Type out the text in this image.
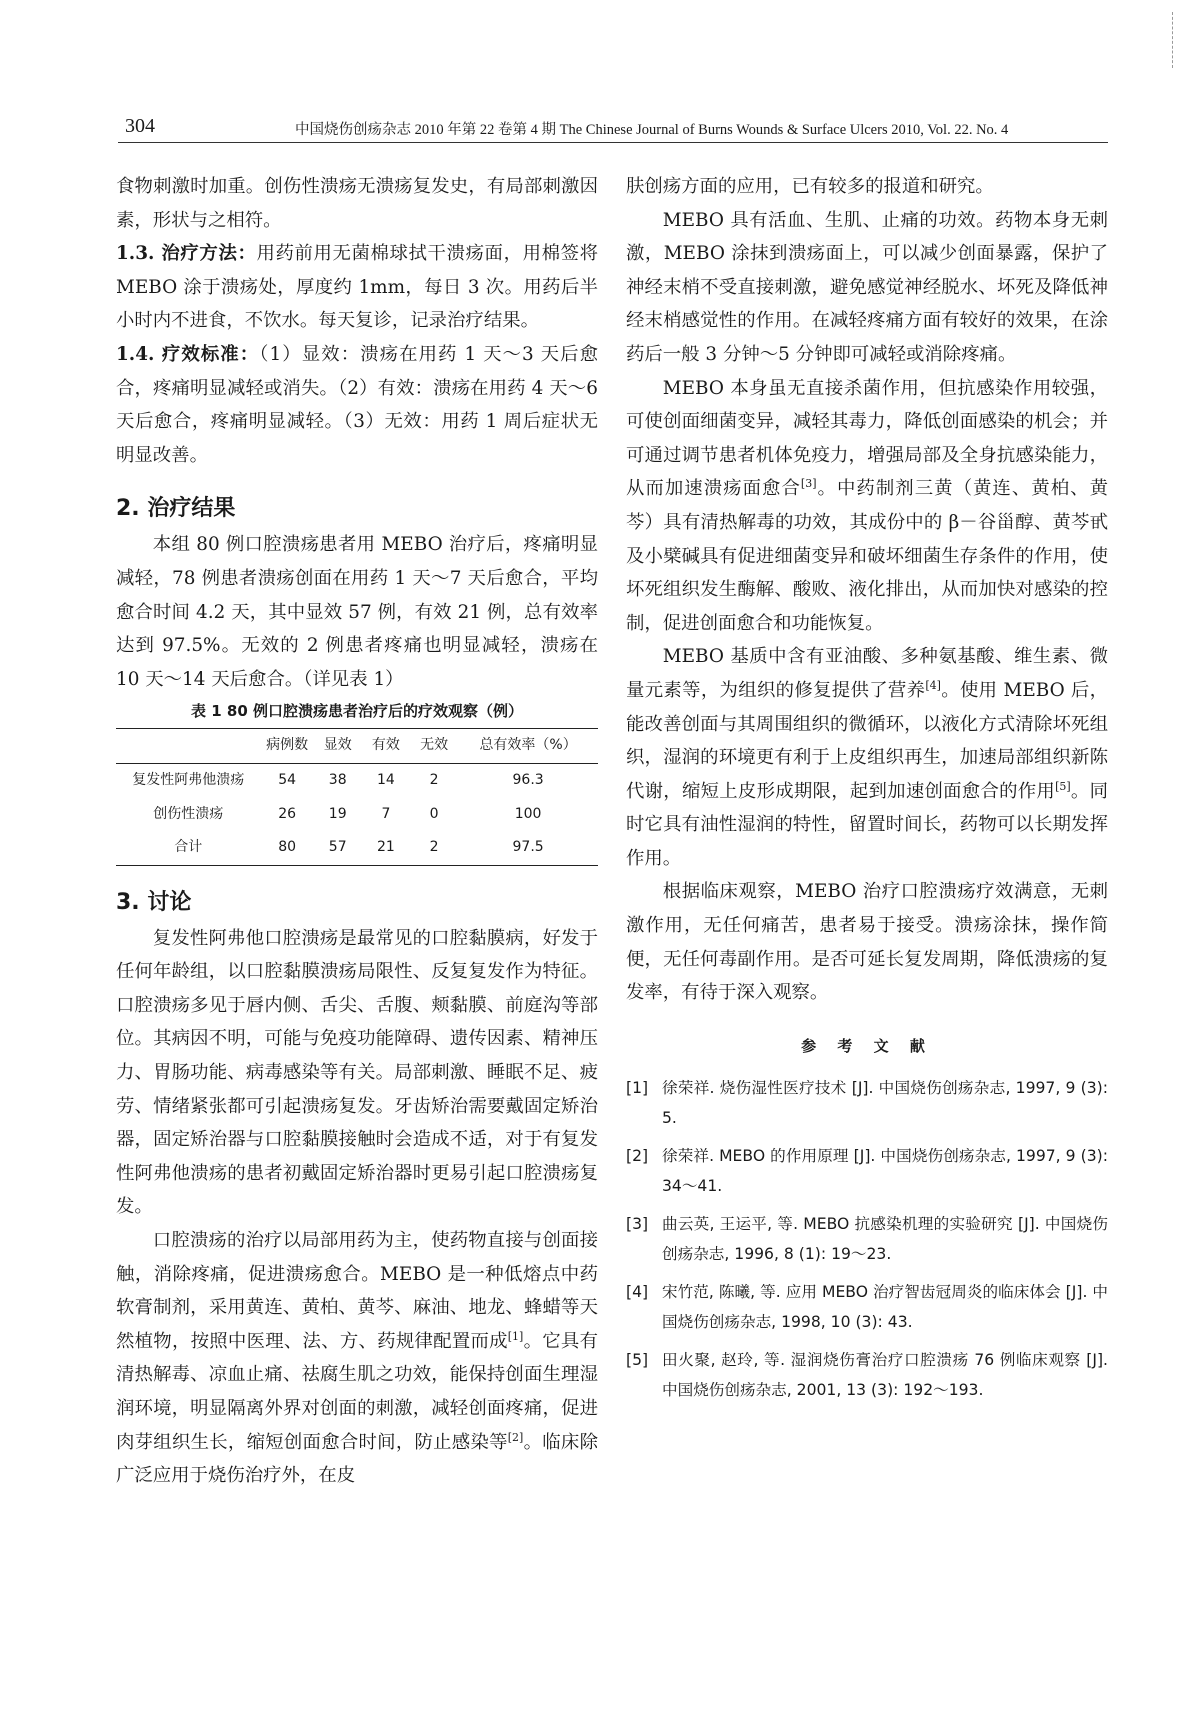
304	中国烧伤创疡杂志 2010 年第 22 卷第 4 期 The Chinese Journal of Burns Wounds & Surface Ulcers 2010, Vol. 22. No. 4

食物刺激时加重。创伤性溃疡无溃疡复发史，有局部刺激因素，形状与之相符。

1.3. 治疗方法：用药前用无菌棉球拭干溃疡面，用棉签将 MEBO 涂于溃疡处，厚度约 1mm，每日 3 次。用药后半小时内不进食，不饮水。每天复诊，记录治疗结果。

1.4. 疗效标准：（1）显效：溃疡在用药 1 天～3 天后愈合，疼痛明显减轻或消失。（2）有效：溃疡在用药 4 天～6 天后愈合，疼痛明显减轻。（3）无效：用药 1 周后症状无明显改善。

2. 治疗结果

本组 80 例口腔溃疡患者用 MEBO 治疗后，疼痛明显减轻，78 例患者溃疡创面在用药 1 天～7 天后愈合，平均愈合时间 4.2 天，其中显效 57 例，有效 21 例，总有效率达到 97.5%。无效的 2 例患者疼痛也明显减轻，溃疡在 10 天～14 天后愈合。（详见表 1）

表 1 80 例口腔溃疡患者治疗后的疗效观察（例）
	病例数	显效	有效	无效	总有效率（%）
复发性阿弗他溃疡	54	38	14	2	96.3
创伤性溃疡	26	19	7	0	100
合计	80	57	21	2	97.5
3. 讨论

复发性阿弗他口腔溃疡是最常见的口腔黏膜病，好发于任何年龄组，以口腔黏膜溃疡局限性、反复复发作为特征。口腔溃疡多见于唇内侧、舌尖、舌腹、颊黏膜、前庭沟等部位。其病因不明，可能与免疫功能障碍、遗传因素、精神压力、胃肠功能、病毒感染等有关。局部刺激、睡眠不足、疲劳、情绪紧张都可引起溃疡复发。牙齿矫治需要戴固定矫治器，固定矫治器与口腔黏膜接触时会造成不适，对于有复发性阿弗他溃疡的患者初戴固定矫治器时更易引起口腔溃疡复发。

口腔溃疡的治疗以局部用药为主，使药物直接与创面接触，消除疼痛，促进溃疡愈合。MEBO 是一种低熔点中药软膏制剂，采用黄连、黄柏、黄芩、麻油、地龙、蜂蜡等天然植物，按照中医理、法、方、药规律配置而成[1]。它具有清热解毒、凉血止痛、祛腐生肌之功效，能保持创面生理湿润环境，明显隔离外界对创面的刺激，减轻创面疼痛，促进肉芽组织生长，缩短创面愈合时间，防止感染等[2]。临床除广泛应用于烧伤治疗外，在皮

肤创疡方面的应用，已有较多的报道和研究。

MEBO 具有活血、生肌、止痛的功效。药物本身无刺激，MEBO 涂抹到溃疡面上，可以减少创面暴露，保护了神经末梢不受直接刺激，避免感觉神经脱水、坏死及降低神经末梢感觉性的作用。在减轻疼痛方面有较好的效果，在涂药后一般 3 分钟～5 分钟即可减轻或消除疼痛。

MEBO 本身虽无直接杀菌作用，但抗感染作用较强，可使创面细菌变异，减轻其毒力，降低创面感染的机会；并可通过调节患者机体免疫力，增强局部及全身抗感染能力，从而加速溃疡面愈合[3]。中药制剂三黄（黄连、黄柏、黄芩）具有清热解毒的功效，其成份中的 β－谷甾醇、黄芩甙及小檗碱具有促进细菌变异和破坏细菌生存条件的作用，使坏死组织发生酶解、酸败、液化排出，从而加快对感染的控制，促进创面愈合和功能恢复。

MEBO 基质中含有亚油酸、多种氨基酸、维生素、微量元素等，为组织的修复提供了营养[4]。使用 MEBO 后，能改善创面与其周围组织的微循环，以液化方式清除坏死组织，湿润的环境更有利于上皮组织再生，加速局部组织新陈代谢，缩短上皮形成期限，起到加速创面愈合的作用[5]。同时它具有油性湿润的特性，留置时间长，药物可以长期发挥作用。

根据临床观察，MEBO 治疗口腔溃疡疗效满意，无刺激作用，无任何痛苦，患者易于接受。溃疡涂抹，操作简便，无任何毒副作用。是否可延长复发周期，降低溃疡的复发率，有待于深入观察。

参 考 文 献
[1] 徐荣祥. 烧伤湿性医疗技术 [J]. 中国烧伤创疡杂志, 1997, 9 (3): 5.
[2] 徐荣祥. MEBO 的作用原理 [J]. 中国烧伤创疡杂志, 1997, 9 (3): 34～41.
[3] 曲云英, 王运平, 等. MEBO 抗感染机理的实验研究 [J]. 中国烧伤创疡杂志, 1996, 8 (1): 19～23.
[4] 宋竹范, 陈曦, 等. 应用 MEBO 治疗智齿冠周炎的临床体会 [J]. 中国烧伤创疡杂志, 1998, 10 (3): 43.
[5] 田火聚, 赵玲, 等. 湿润烧伤膏治疗口腔溃疡 76 例临床观察 [J]. 中国烧伤创疡杂志, 2001, 13 (3): 192～193.
